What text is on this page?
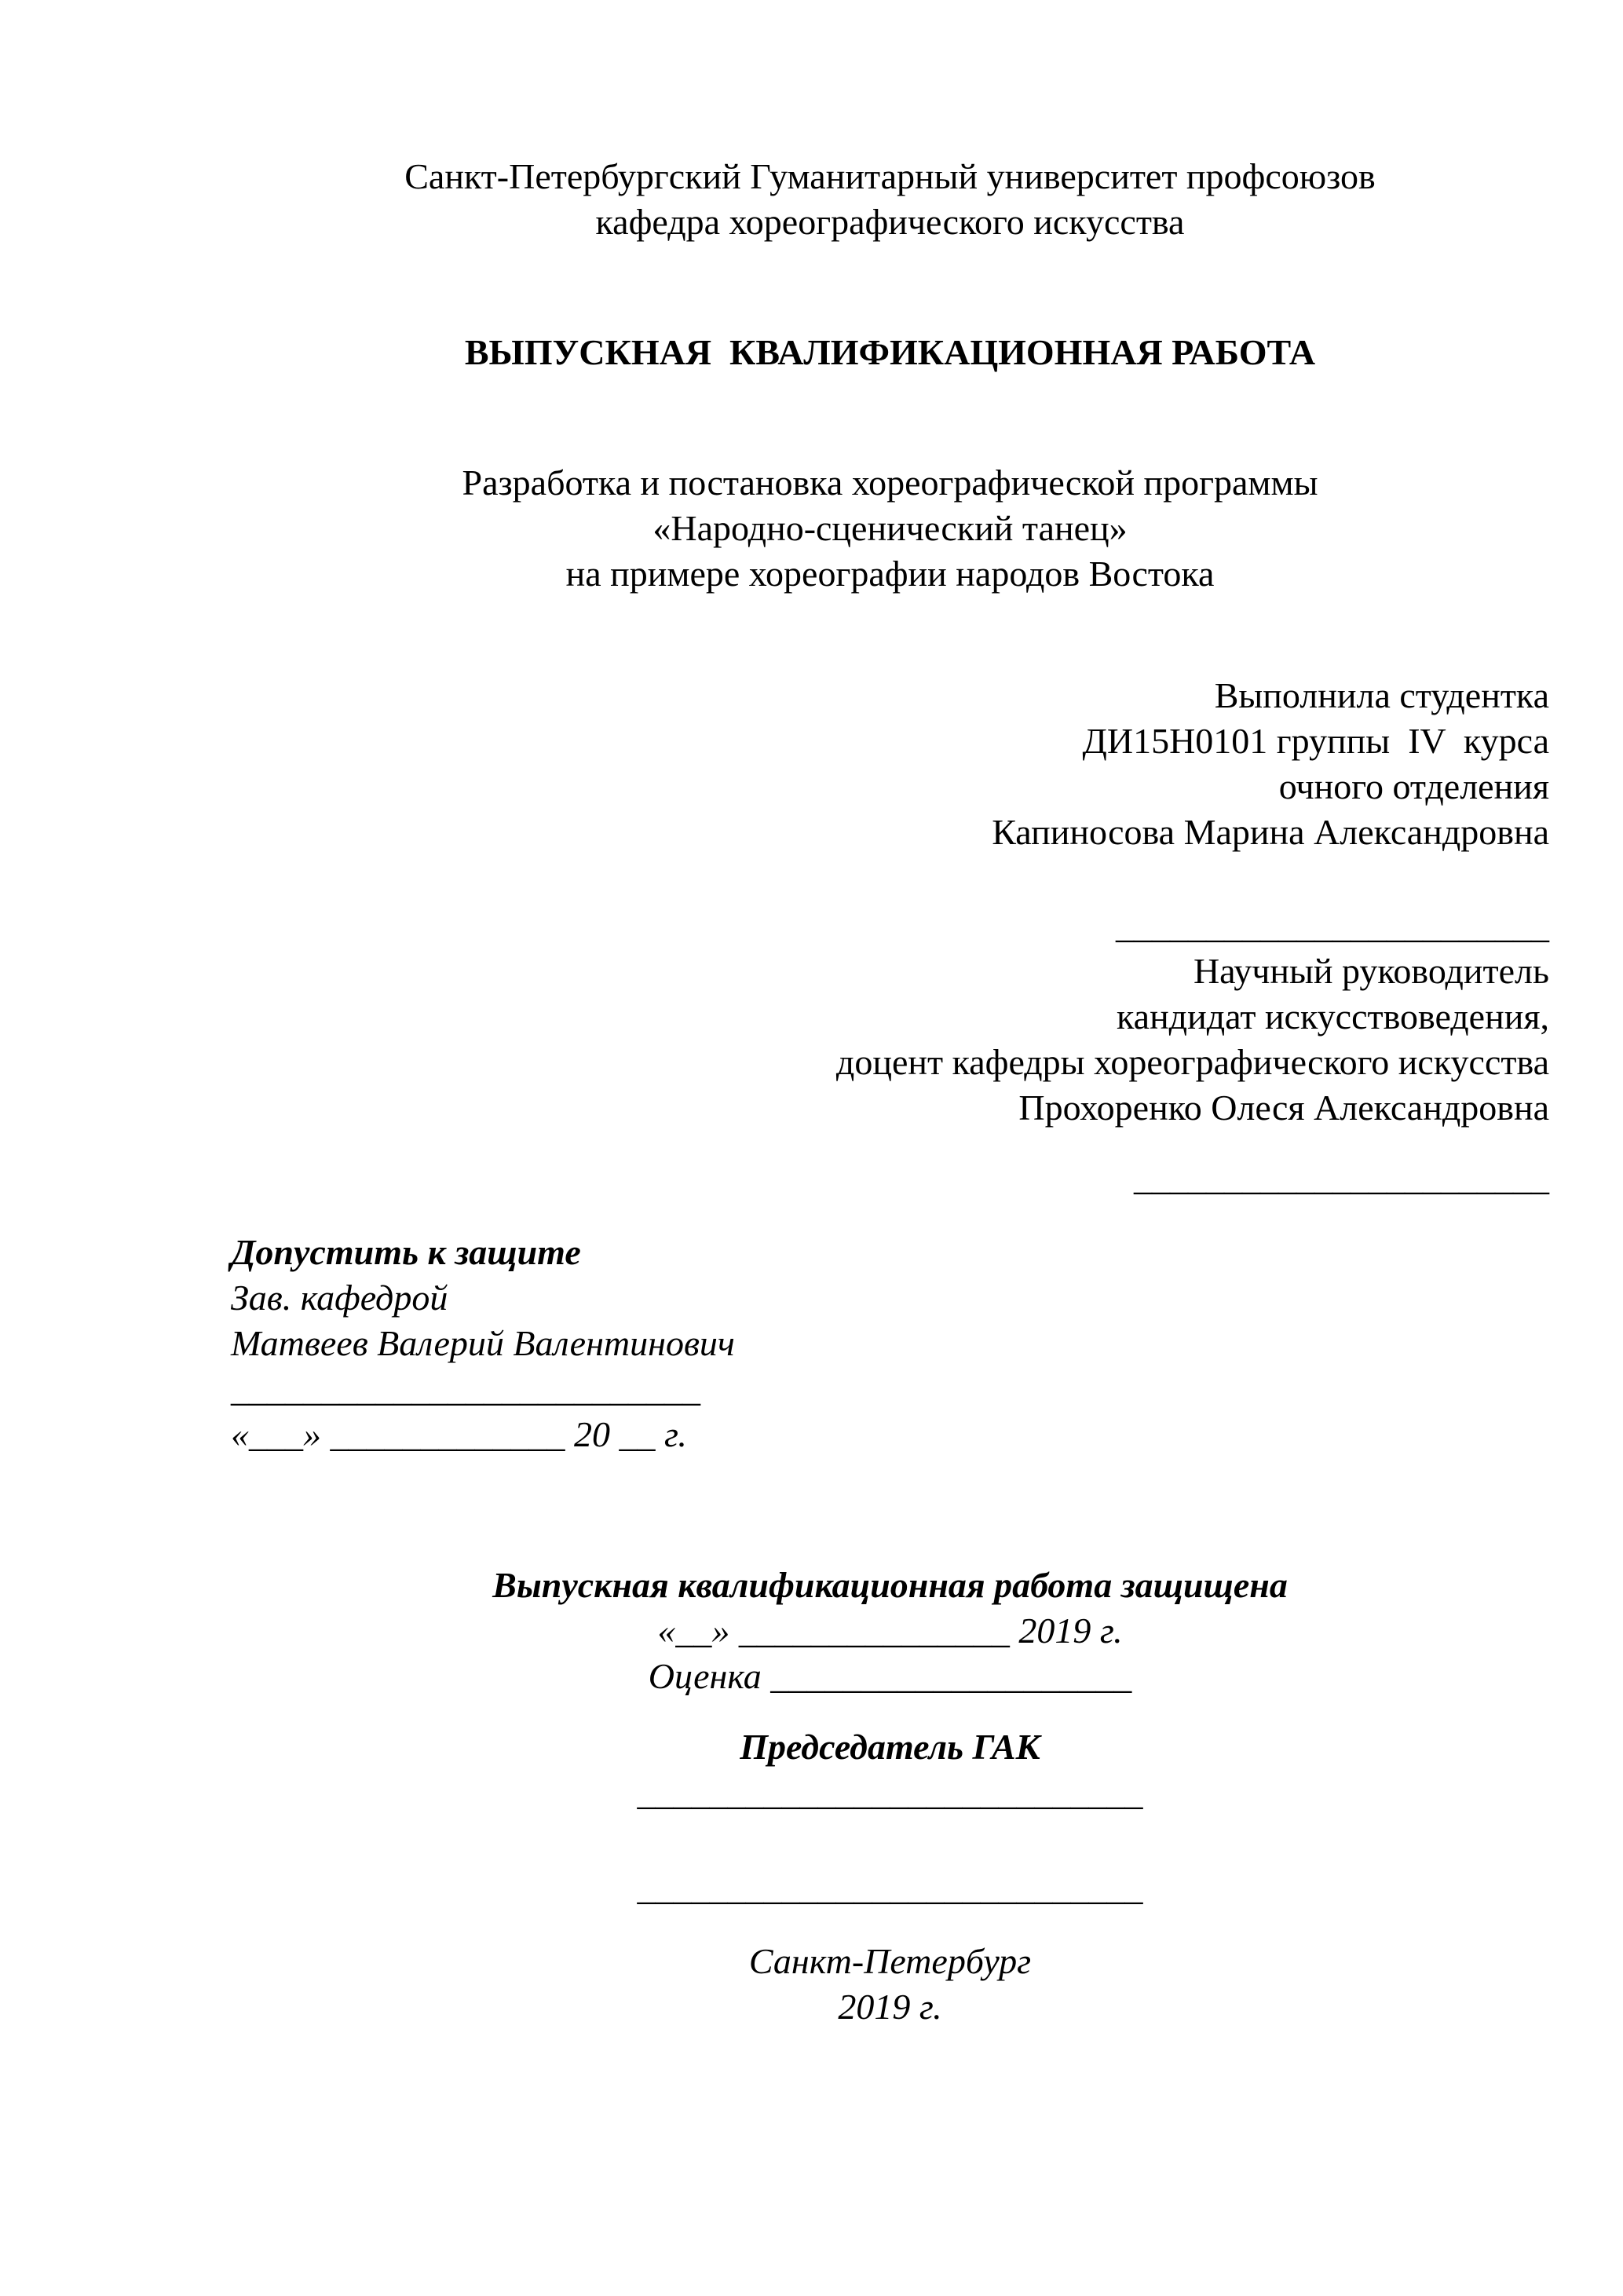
Санкт-Петербургский Гуманитарный университет профсоюзов
кафедра хореографического искусства
ВЫПУСКНАЯ  КВАЛИФИКАЦИОННАЯ РАБОТА
Разработка и постановка хореографической программы
«Народно-сценический танец»
на примере хореографии народов Востока
Выполнила студентка
ДИ15Н0101 группы  IV  курса
очного отделения
Капиносова Марина Александровна
________________________
Научный руководитель
кандидат искусствоведения,
доцент кафедры хореографического искусства
Прохоренко Олеся Александровна
_______________________
Допустить к защите
Зав. кафедрой
Матвеев Валерий Валентинович
__________________________
«___» _____________ 20 __ г.
Выпускная квалификационная работа защищена
«__» _______________ 2019 г.
Оценка ____________________
Председатель ГАК
____________________________
____________________________
Санкт-Петербург
2019 г.
